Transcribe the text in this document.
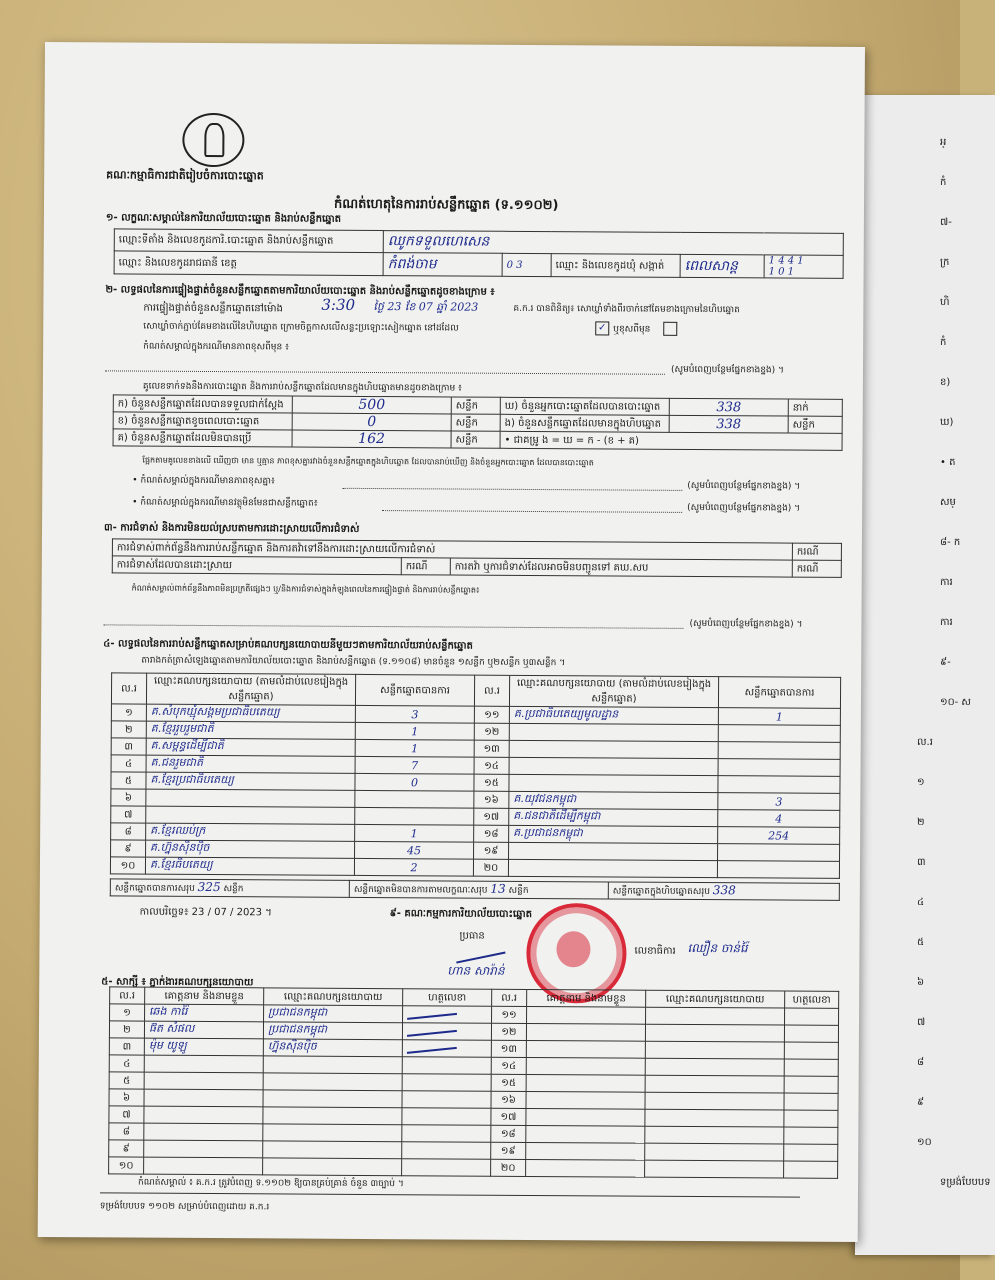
អ្
កំ
៧-
ក្រ
ហិ
កំ
ខ)
ឃ)
• ត
សម្
៨- ក
ការ
ការ
៩-
១០- ស
ល.រ
១
២
៣
៤
៥
៦
៧
៨
៩
១០
ទម្រង់បែបបទ
គណៈកម្មាធិការជាតិរៀបចំការបោះឆ្នោត
កំណត់ហេតុនៃការរាប់សន្លឹកឆ្នោត (ទ.១១០២)
១- លក្ខណៈសម្គាល់នៃការិយាល័យបោះឆ្នោត និងរាប់សន្លឹកឆ្នោត
ឈ្មោះទីតាំង និងលេខកូដការិ.បោះឆ្នោត និងរាប់សន្លឹកឆ្នោត	ឈូកទទួលហេសេន				
ឈ្មោះ និងលេខកូដរាជធានី ខេត្ត	កំពង់ចាម	0 3	ឈ្មោះ និងលេខកូដឃុំ សង្កាត់	ពេលសាន្ត	1 4 4 1
1 0 1
២- លទ្ធផលនៃការផ្ទៀងផ្ទាត់ចំនួនសន្លឹកឆ្នោតតាមការិយាល័យបោះឆ្នោត និងរាប់សន្លឹកឆ្នោតដូចខាងក្រោម ៖
ការផ្ទៀងផ្ទាត់ចំនួនសន្លឹកឆ្នោតនៅម៉ោង	3:30 ថ្ងៃ 23 ខែ 07 ឆ្នាំ 2023	គ.ក.រ បានពិនិត្យ៖ សោឃ្លាំទាំងពីរចាក់នៅគែមខាងក្រោមនៃហិបឆ្នោត
សោឃ្លាំចាក់ភ្ជាប់គែមខាងលើនៃហិបឆ្នោត ក្រោមចិត្តកាសលើសន្លះប្រឡោះសៀកឆ្នោត នៅដដែល	✓ ឬខុសពីមុន
កំណត់សម្គាល់ក្នុងករណីមានភាពខុសពីមុន ៖
(សូមបំពេញបន្ថែមផ្នែកខាងខ្នង) ។
គូលេខទាក់ទងនឹងការបោះឆ្នោត និងការរាប់សន្លឹកឆ្នោតដែលមានក្នុងហិបឆ្នោតមានដូចខាងក្រោម ៖
ក) ចំនួនសន្លឹកឆ្នោតដែលបានទទួលជាក់ស្តែង	500	សន្លឹក	ឃ) ចំនួនអ្នកបោះឆ្នោតដែលបានបោះឆ្នោត	338	នាក់
ខ) ចំនួនសន្លឹកឆ្នោតខូចពេលបោះឆ្នោត	0	សន្លឹក	ង) ចំនួនសន្លឹកឆ្នោតដែលមានក្នុងហិបឆ្នោត	338	សន្លឹក
គ) ចំនួនសន្លឹកឆ្នោតដែលមិនបានប្រើ	162	សន្លឹក	• ជាគម្រូ ង = ឃ = ក - (ខ + គ)		
ផ្អែកតាមគូលេខខាងលើ ឃើញថា មាន ឬគ្មាន ភាពខុសគ្នារវាងចំនួនសន្លឹកឆ្នោតក្នុងហិបឆ្នោត ដែលបានរាប់ឃើញ និងចំនួនអ្នកបោះឆ្នោត ដែលបានបោះឆ្នោត
• កំណត់សម្គាល់ក្នុងករណីមានភាពខុសគ្នា៖	(សូមបំពេញបន្ថែមផ្នែកខាងខ្នង) ។
• កំណត់សម្គាល់ក្នុងករណីមានវត្ថុមិនមែនជាសន្លឹកឆ្នោត៖	(សូមបំពេញបន្ថែមផ្នែកខាងខ្នង) ។
៣- ការជំទាស់ និងការមិនយល់ស្របតាមការដោះស្រាយលើការជំទាស់
ការជំទាស់ពាក់ព័ន្ធនឹងការរាប់សន្លឹកឆ្នោត និងការតវ៉ាទៅនឹងការដោះស្រាយលើការជំទាស់			ករណី
ការជំទាស់ដែលបានដោះស្រាយ	ករណី	ការតវ៉ា ឬការជំទាស់ដែលអាចមិនបញ្ជូនទៅ គឃ.សប	ករណី
កំណត់សម្គាល់ពាក់ព័ន្ធនឹងភាពមិនប្រក្រតីផ្សេងៗ ឬ/និងការជំទាស់ក្នុងកំឡុងពេលនៃការផ្ទៀងផ្ទាត់ និងការរាប់សន្លឹកឆ្នោត៖
(សូមបំពេញបន្ថែមផ្នែកខាងខ្នង) ។
៤- លទ្ធផលនៃការរាប់សន្លឹកឆ្នោតសម្រាប់គណបក្សនយោបាយនីមួយៗតាមការិយាល័យរាប់សន្លឹកឆ្នោត
តារាងកត់ត្រាសំឡេងឆ្នោតតាមការិយាល័យបោះឆ្នោត និងរាប់សន្លឹកឆ្នោត (ទ.១១០៨) មានចំនួន ១សន្លឹក ឬ២សន្លឹក ឬ៣សន្លឹក ។
ល.រ	ឈ្មោះគណបក្សនយោបាយ (តាមលំដាប់លេខរៀងក្នុងសន្លឹកឆ្នោត)	សន្លឹកឆ្នោតបានការ	ល.រ	ឈ្មោះគណបក្សនយោបាយ (តាមលំដាប់លេខរៀងក្នុងសន្លឹកឆ្នោត)	សន្លឹកឆ្នោតបានការ
១	គ.សំបុកឃ្មុំសង្គមប្រជាធិបតេយ្យ	3	១១	គ.ប្រជាធិបតេយ្យមូលដ្ឋាន	1
២	គ.ខ្មែររួបរួមជាតិ	1	១២		
៣	គ.សម្ពន្ធដើម្បីជាតិ	1	១៣		
៤	គ.ជនរួមជាតិ	7	១៤		
៥	គ.ខ្មែរប្រជាធិបតេយ្យ	0	១៥		
៦			១៦	គ.យុវជនកម្ពុជា	3
៧			១៧	គ.ជនជាតិដើម្បីកម្ពុជា	4
៨	គ.ខ្មែរឈប់ក្រ	1	១៨	គ.ប្រជាជនកម្ពុជា	254
៩	គ.ហ្វ៊ុនស៊ិនប៉ិច	45	១៩		
១០	គ.ខ្មែរធិបតេយ្យ	2	២០		
សន្លឹកឆ្នោតបានការសរុប 325 សន្លឹក	សន្លឹកឆ្នោតមិនបានការតាមលក្ខណៈសរុប 13 សន្លឹក	សន្លឹកឆ្នោតក្នុងហិបឆ្នោតសរុប 338
កាលបរិច្ឆេទ៖ 23 / 07 / 2023 ។	៩- គណៈកម្មការការិយាល័យបោះឆ្នោត
ប្រធាន
ហាន សារ៉ាន់
លេខាធិការ ឈឿន ចាន់រ៉ៃ
៥- សាក្សី ៖ ភ្នាក់ងារគណបក្សនយោបាយ
ល.រ	គោត្តនាម និងនាមខ្លួន	ឈ្មោះគណបក្សនយោបាយ	ហត្ថលេខា	ល.រ	គោត្តនាម និងនាមខ្លួន	ឈ្មោះគណបក្សនយោបាយ	ហត្ថលេខា
១	ឆេង ការ៉ៃ	ប្រជាជនកម្ពុជា		១១			
២	ផ៊ត សំផល	ប្រជាជនកម្ពុជា		១២			
៣	ម៉ុម យូឡូ	ហ្វ៊ុនស៊ិនប៉ិច		១៣			
៤				១៤			
៥				១៥			
៦				១៦			
៧				១៧			
៨				១៨			
៩				១៩			
១០				២០			
កំណត់សម្គាល់ ៖ គ.ក.រ ត្រូវបំពេញ ទ.១១០២ ឱ្យបានគ្រប់គ្រាន់ ចំនួន ៣ច្បាប់ ។
ទម្រង់បែបបទ ១១០២ សម្រាប់បំពេញដោយ គ.ក.រ
